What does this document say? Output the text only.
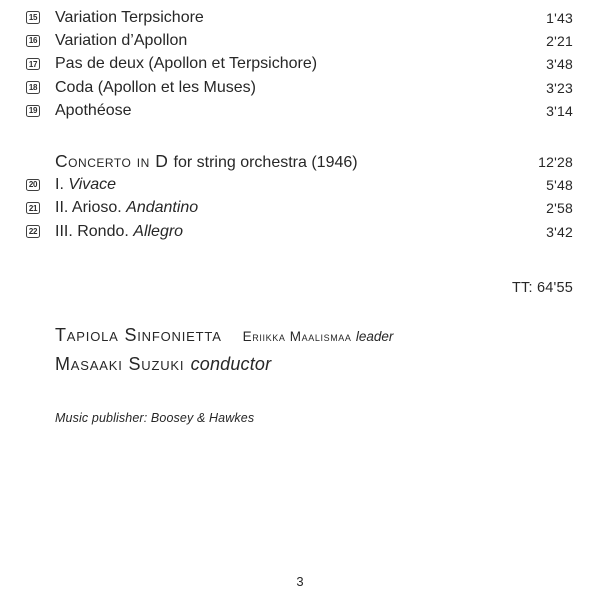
15 Variation Terpsichore	1'43
16 Variation d’Apollon	2'21
17 Pas de deux (Apollon et Terpsichore)	3'48
18 Coda (Apollon et les Muses)	3'23
19 Apothéose	3'14
Concerto in D for string orchestra (1946)	12'28
20 I. Vivace	5'48
21 II. Arioso. Andantino	2'58
22 III. Rondo. Allegro	3'42
TT: 64'55
Tapiola Sinfonietta Eriikka Maalismaa leader
Masaaki Suzuki conductor
Music publisher: Boosey & Hawkes
3
